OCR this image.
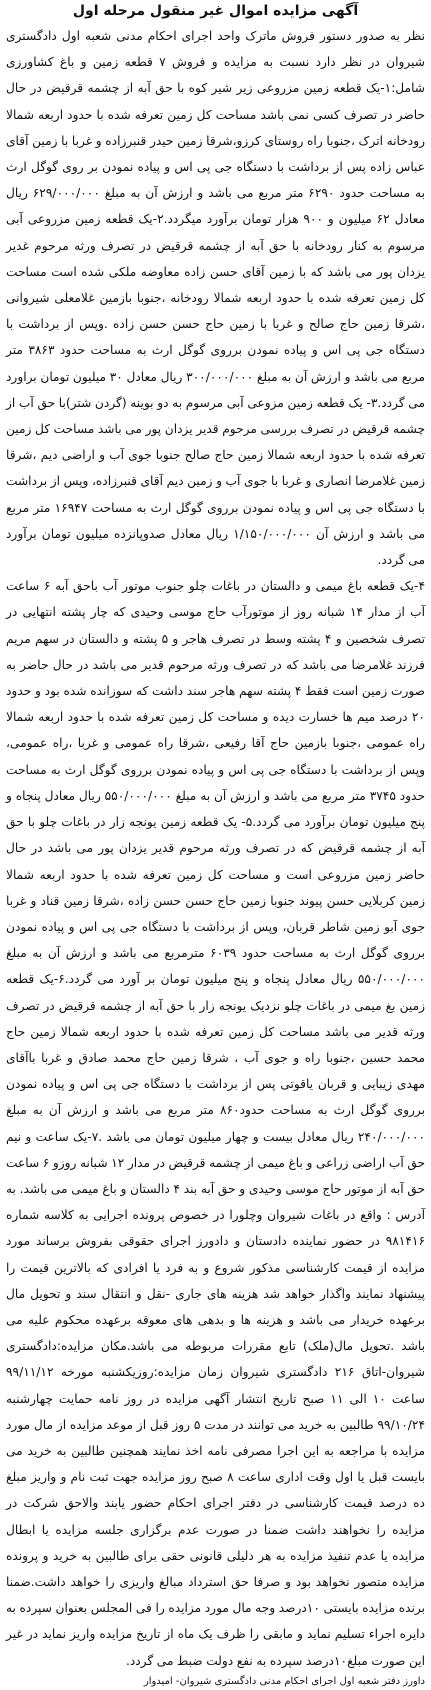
آگهی مزایده اموال غیر منقول مرحله اول

نظر به صدور دستور فروش ماترک واحد اجرای احکام مدنی شعبه اول دادگستری شیروان در نظر دارد نسبت به مزایده و فروش ۷ قطعه زمین و باغ کشاورزی شامل:۱-یک قطعه زمین مزروعی زیر شیر کوه با حق آبه از چشمه قرقیض در حال حاضر در تصرف کسی نمی باشد مساحت کل زمین تعرفه شده با حدود اربعه شمالا رودخانه اترک ،جنوبا راه روستای کرزو،شرقا زمین حیدر قنبرزاده و غربا با زمین آقای عباس زاده پس از برداشت با دستگاه جی پی اس و پیاده نمودن بر روی گوگل ارث به مساحت حدود ۶۲۹۰ متر مربع می باشد و ارزش آن به مبلغ ۶۲۹/۰۰۰/۰۰۰ ریال معادل ۶۲ میلیون و ۹۰۰ هزار تومان برآورد میگردد.۲-یک قطعه زمین مزروعی آبی مرسوم به کنار رودخانه با حق آبه از چشمه قرقیض در تصرف ورثه مرحوم غدیر یزدان پور می باشد که با زمین آقای حسن زاده معاوضه ملکی شده است مساحت کل زمین تعرفه شده با حدود اربعه شمالا رودخانه ،جنوبا بازمین غلامعلی شیروانی ،شرقا زمین حاج صالح و غربا با زمین حاج حسن حسن زاده .وپس از برداشت با دستگاه جی پی اس و پیاده نمودن برروی گوگل ارث به مساحت حدود ۳۸۶۳ متر مربع می باشد و ارزش آن به مبلغ ۳۰۰/۰۰۰/۰۰۰ ریال معادل ۳۰ میلیون تومان براورد می گردد.۳- یک قطعه زمین مزوعی آبی مرسوم به دو بوینه (گردن شتر)با حق آب از چشمه قرقیض در تصرف بررسی مرحوم قدیر یزدان پور می باشد مساحت کل زمین تعرفه شده با حدود اربعه شمالا زمین حاج صالح جنوبا جوی آب و اراضی دیم ،شرقا زمین غلامرضا انصاری و غربا با جوی آب و زمین دیم آقای قنبرزاده، وپس از برداشت با دستگاه جی پی اس و پیاده نمودن برروی گوگل ارث به مساحت ۱۶۹۴۷ متر مربع می باشد و ارزش آن ۱/۱۵۰/۰۰۰/۰۰۰ ریال معادل صدوپانزده میلیون تومان برآورد می گردد.

۴-یک قطعه باغ میمی و دالستان در باغات چلو جنوب موتور آب باحق آبه ۶ ساعت آب از مدار ۱۴ شبانه روز از موتورآب حاج موسی وحیدی که چار پشته انتهایی در تصرف شخصین و ۴ پشته وسط در تصرف هاجر و ۵ پشته و دالستان در سهم مریم فرزند غلامرضا می باشد که در تصرف ورثه مرحوم قدیر می باشد در حال حاضر به صورت زمین است فقط ۴ پشته سهم هاجر سند داشت که سوزانده شده بود و حدود ۲۰ درصد میم ها خسارت دیده و مساحت کل زمین تعرفه شده با حدود اربعه شمالا راه عمومی ،جنوبا بازمین حاج آقا رفیعی ،شرقا راه عمومی و غربا ،راه عمومی، وپس از برداشت با دستگاه جی پی اس و پیاده نمودن برروی گوگل ارث به مساحت حدود ۳۷۴۵ متر مربع می باشد و ارزش آن به مبلغ ۵۵۰/۰۰۰/۰۰۰ ریال معادل پنجاه و پنج میلیون تومان برآورد می گردد.۵- یک قطعه زمین یونجه زار در باغات چلو با حق آبه از چشمه قرقیض که در تصرف ورثه مرحوم قدیر یزدان پور می باشد در حال حاضر زمین مزروعی است و مساحت کل زمین تعرفه شده با حدود اربعه شمالا زمین کربلایی حسن پیوند جنوبا زمین حاج حسن حسن زاده ،شرقا زمین قناد و غربا جوی آبو زمین شاطر قربان، وپس از برداشت با دستگاه جی پی اس و پیاده نمودن برروی گوگل ارث به مساحت حدود ۶۰۳۹ مترمربع می باشد و ارزش آن به مبلغ ۵۵۰/۰۰۰/۰۰۰ ریال معادل پنجاه و پنج میلیون تومان بر آورد می گردد.۶-یک قطعه زمین بغ میمی در باغات چلو نزدیک یونجه زار با حق آبه از چشمه قرقیض در تصرف ورثه قدیر می باشد مساحت کل زمین تعرفه شده با حدود اربعه شمالا زمین حاج محمد حسین ،جنوبا راه و جوی آب ، شرقا زمین حاج محمد صادق و غربا باآقای مهدی زیبایی و قربان یاقوتی پس از برداشت با دستگاه جی پی اس و پیاده نمودن برروی گوگل ارث به مساحت حدود۸۶۰ متر مربع می باشد و ارزش آن به مبلغ ۲۴۰/۰۰۰/۰۰۰ ریال معادل بیست و چهار میلیون تومان می باشد .۷-یک ساعت و نیم حق آب اراضی زراعی و باغ میمی از چشمه قرقیض در مدار ۱۲ شبانه روزو ۶ ساعت حق آبه از موتور حاج موسی وحیدی و حق آبه بند ۴ دالستان و باغ میمی می باشد. به آدرس : واقع در باغات شیروان وچلورا در خصوص پرونده اجرایی به کلاسه شماره ۹۸۱۴۱۶ در حضور نماینده دادستان و دادورز اجرای حقوقی بفروش برساند مورد مزایده از قیمت کارشناسی مذکور شروع و به فرد یا افرادی که بالاترین قیمت را پیشنهاد نمایند واگذار خواهد شد هزینه های جاری -نقل و انتقال سند و تحویل مال برعهده خریدار می باشد و هزینه ها و بدهی های معوقه برعهده محکوم علیه می باشد .تحویل مال(ملک) تابع مقررات مربوطه می باشد.مکان مزایده:دادگستری شیروان-اتاق ۲۱۶ دادگستری شیروان زمان مزایده:روزیکشنبه مورخه ۹۹/۱۱/۱۲ ساعت ۱۰ الی ۱۱ صبح تاریخ انتشار آگهی مزایده در روز نامه حمایت چهارشنبه ۹۹/۱۰/۲۴ طالبین به خرید می توانند در مدت ۵ روز قبل از موعد مزایده از مال مورد مزایده با مراجعه به این اجرا مصرفی نامه اخذ نمایند همچنین طالبین به خرید می بایست قبل یا اول وقت اداری ساعت ۸ صبح روز مزایده جهت ثبت نام و واریز مبلغ ده درصد قیمت کارشناسی در دفتر اجرای احکام حضور یابند والاحق شرکت در مزایده را نخواهند داشت ضمنا در صورت عدم برگزاری جلسه مزایده یا ابطال مزایده یا عدم تنفیذ مزایده به هر دلیلی قانونی حقی برای طالبین به خرید و پرونده مزایده متصور نخواهد بود و صرفا حق استرداد مبالغ واریزی را خواهد داشت.ضمنا برنده مزایده بایستی ۱۰درصد وجه مال مورد مزایده را فی المجلس بعنوان سپرده به دایره اجراء تسلیم نماید و مابقی را ظرف یک ماه از تاریخ مزایده واریز نماید در غیر این صورت مبلغ۱۰درصد سپرده به نفع دولت ضبط می گردد.

داورز دفتر شعبه اول اجرای احکام مدنی دادگستری شیروان- امیدوار
